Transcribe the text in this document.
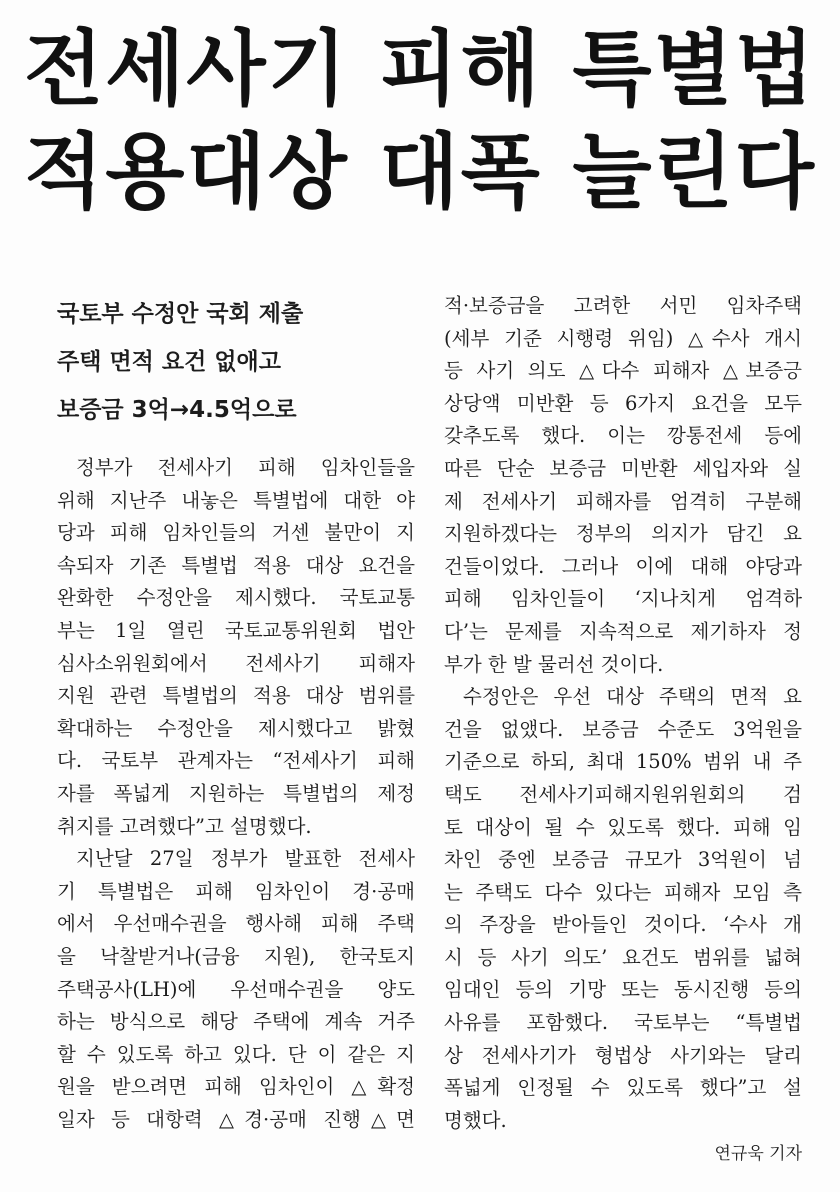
전세사기 피해 특별법
적용대상 대폭 늘린다
국토부 수정안 국회 제출
주택 면적 요건 없애고
보증금 3억→4.5억으로
정부가 전세사기 피해 임차인들을
위해 지난주 내놓은 특별법에 대한 야
당과 피해 임차인들의 거센 불만이 지
속되자 기존 특별법 적용 대상 요건을
완화한 수정안을 제시했다. 국토교통
부는 1일 열린 국토교통위원회 법안
심사소위원회에서 전세사기 피해자
지원 관련 특별법의 적용 대상 범위를
확대하는 수정안을 제시했다고 밝혔
다. 국토부 관계자는 “전세사기 피해
자를 폭넓게 지원하는 특별법의 제정
취지를 고려했다”고 설명했다.
지난달 27일 정부가 발표한 전세사
기 특별법은 피해 임차인이 경·공매
에서 우선매수권을 행사해 피해 주택
을 낙찰받거나(금융 지원), 한국토지
주택공사(LH)에 우선매수권을 양도
하는 방식으로 해당 주택에 계속 거주
할 수 있도록 하고 있다. 단 이 같은 지
원을 받으려면 피해 임차인이 △확정
일자 등 대항력 △경·공매 진행△면
적·보증금을 고려한 서민 임차주택
(세부 기준 시행령 위임) △수사 개시
등 사기 의도 △다수 피해자 △보증긍
상당액 미반환 등 6가지 요건을 모두
갖추도록 했다. 이는 깡통전세 등에
따른 단순 보증금 미반환 세입자와 실
제 전세사기 피해자를 엄격히 구분해
지원하겠다는 정부의 의지가 담긴 요
건들이었다. 그러나 이에 대해 야당과
피해 임차인들이 ‘지나치게 엄격하
다’는 문제를 지속적으로 제기하자 정
부가 한 발 물러선 것이다.
수정안은 우선 대상 주택의 면적 요
건을 없앴다. 보증금 수준도 3억원을
기준으로 하되, 최대 150% 범위 내 주
택도 전세사기피해지원위원회의 검
토 대상이 될 수 있도록 했다. 피해 임
차인 중엔 보증금 규모가 3억원이 넘
는 주택도 다수 있다는 피해자 모임 측
의 주장을 받아들인 것이다. ‘수사 개
시 등 사기 의도’ 요건도 범위를 넓혀
임대인 등의 기망 또는 동시진행 등의
사유를 포함했다. 국토부는 “특별법
상 전세사기가 형법상 사기와는 달리
폭넓게 인정될 수 있도록 했다”고 설
명했다.
연규욱 기자
